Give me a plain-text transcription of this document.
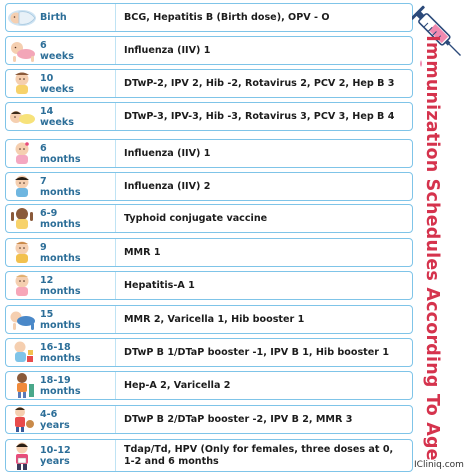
Birth	BCG, Hepatitis B (Birth dose), OPV - O
6
weeks
Influenza (IIV) 1
10
weeks
DTwP-2, IPV 2, Hib -2, Rotavirus 2, PCV 2, Hep B 3
14
weeks
DTwP-3, IPV-3, Hib -3, Rotavirus 3, PCV 3, Hep B 4
6
months
Influenza (IIV) 1
7
months
Influenza (IIV) 2
6-9
months
Typhoid conjugate vaccine
9
months
MMR 1
12
months
Hepatitis-A 1
15
months
MMR 2, Varicella 1, Hib booster 1
16-18
months
DTwP B 1/DTaP booster -1, IPV B 1, Hib booster 1
18-19
months
Hep-A 2, Varicella 2
4-6
years
DTwP B 2/DTaP booster -2, IPV B 2, MMR 3
10-12
years
Tdap/Td, HPV (Only for females, three doses at 0,
1-2 and 6 months
Immunization Schedules According To Age
ICliniq.com
